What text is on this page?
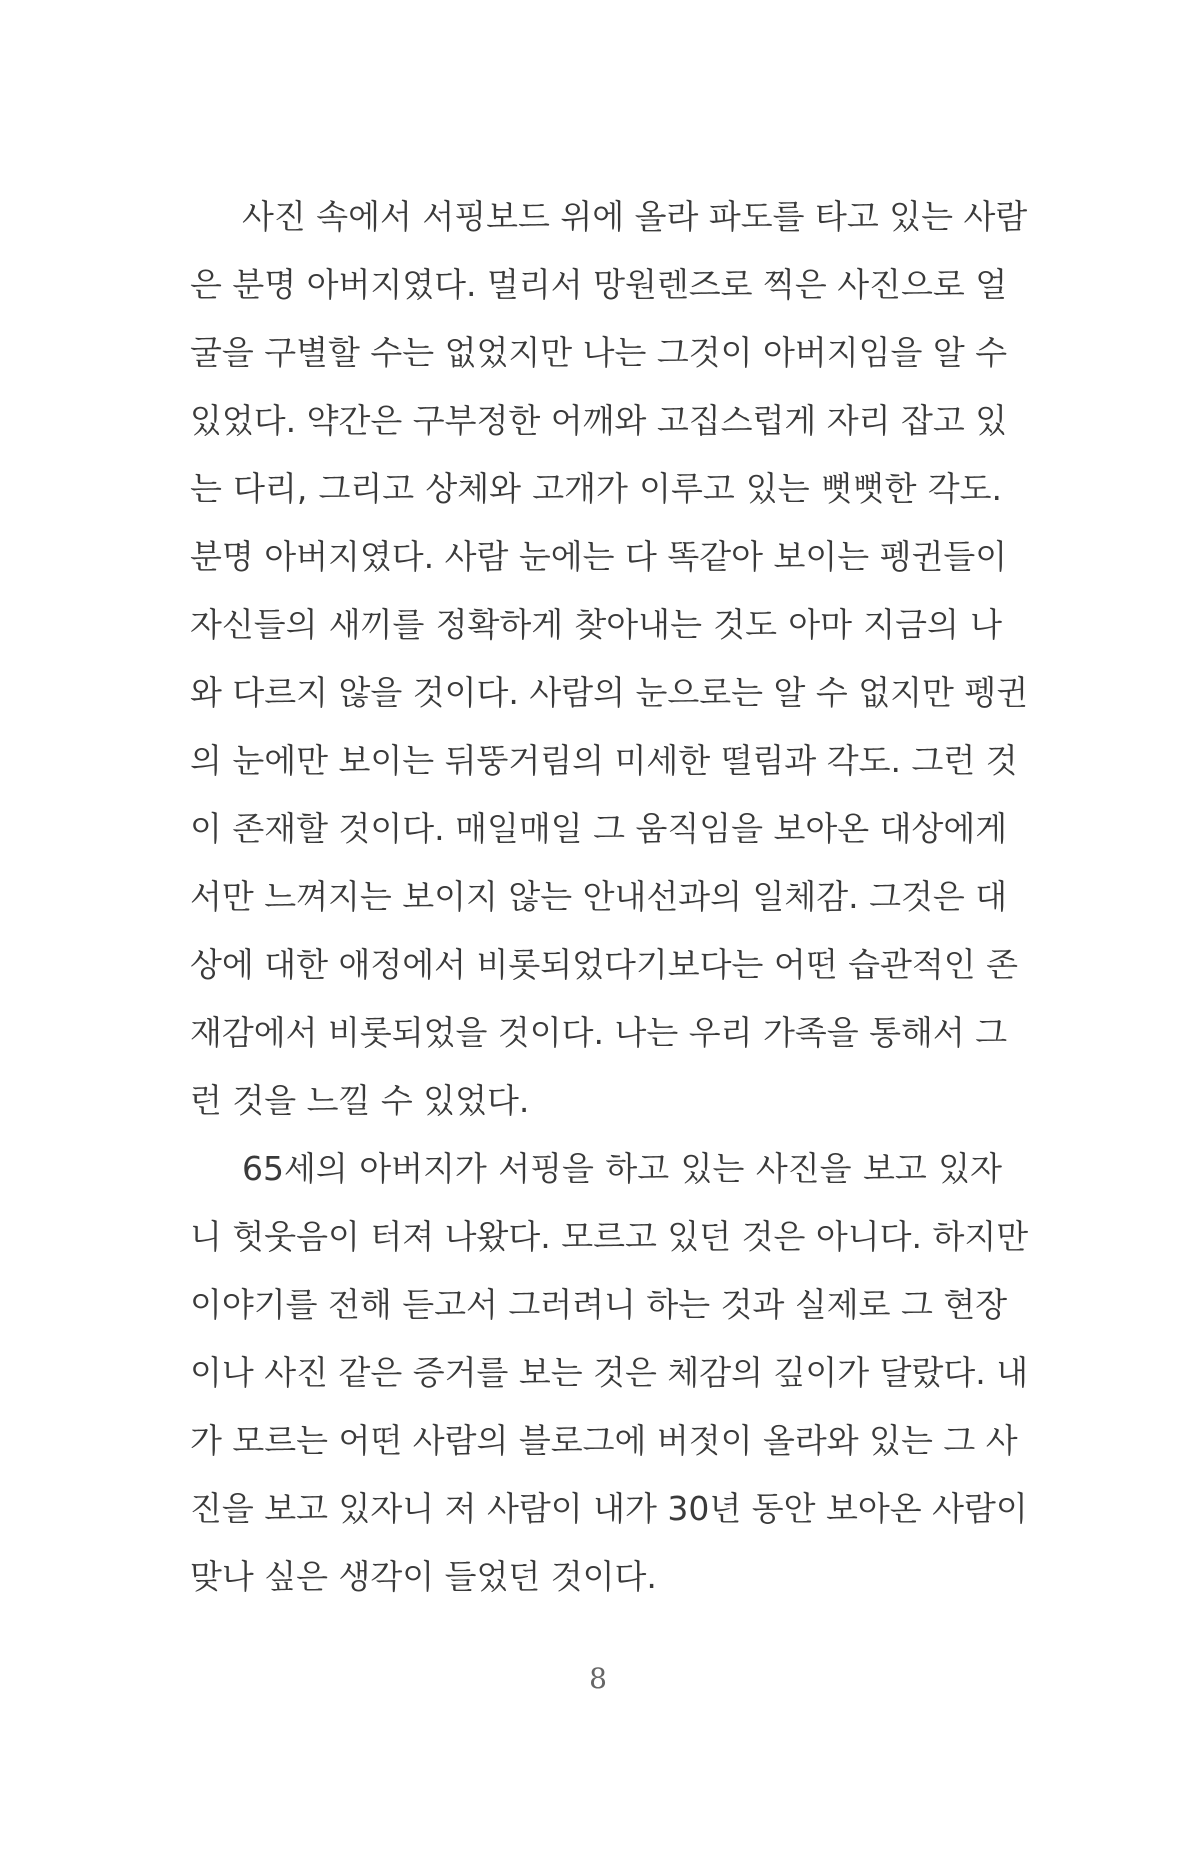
사진 속에서 서핑보드 위에 올라 파도를 타고 있는 사람
은 분명 아버지였다. 멀리서 망원렌즈로 찍은 사진으로 얼
굴을 구별할 수는 없었지만 나는 그것이 아버지임을 알 수
있었다. 약간은 구부정한 어깨와 고집스럽게 자리 잡고 있
는 다리, 그리고 상체와 고개가 이루고 있는 뻣뻣한 각도.
분명 아버지였다. 사람 눈에는 다 똑같아 보이는 펭귄들이
자신들의 새끼를 정확하게 찾아내는 것도 아마 지금의 나
와 다르지 않을 것이다. 사람의 눈으로는 알 수 없지만 펭귄
의 눈에만 보이는 뒤뚱거림의 미세한 떨림과 각도. 그런 것
이 존재할 것이다. 매일매일 그 움직임을 보아온 대상에게
서만 느껴지는 보이지 않는 안내선과의 일체감. 그것은 대
상에 대한 애정에서 비롯되었다기보다는 어떤 습관적인 존
재감에서 비롯되었을 것이다. 나는 우리 가족을 통해서 그
런 것을 느낄 수 있었다.
65세의 아버지가 서핑을 하고 있는 사진을 보고 있자
니 헛웃음이 터져 나왔다. 모르고 있던 것은 아니다. 하지만
이야기를 전해 듣고서 그러려니 하는 것과 실제로 그 현장
이나 사진 같은 증거를 보는 것은 체감의 깊이가 달랐다. 내
가 모르는 어떤 사람의 블로그에 버젓이 올라와 있는 그 사
진을 보고 있자니 저 사람이 내가 30년 동안 보아온 사람이
맞나 싶은 생각이 들었던 것이다.
8
